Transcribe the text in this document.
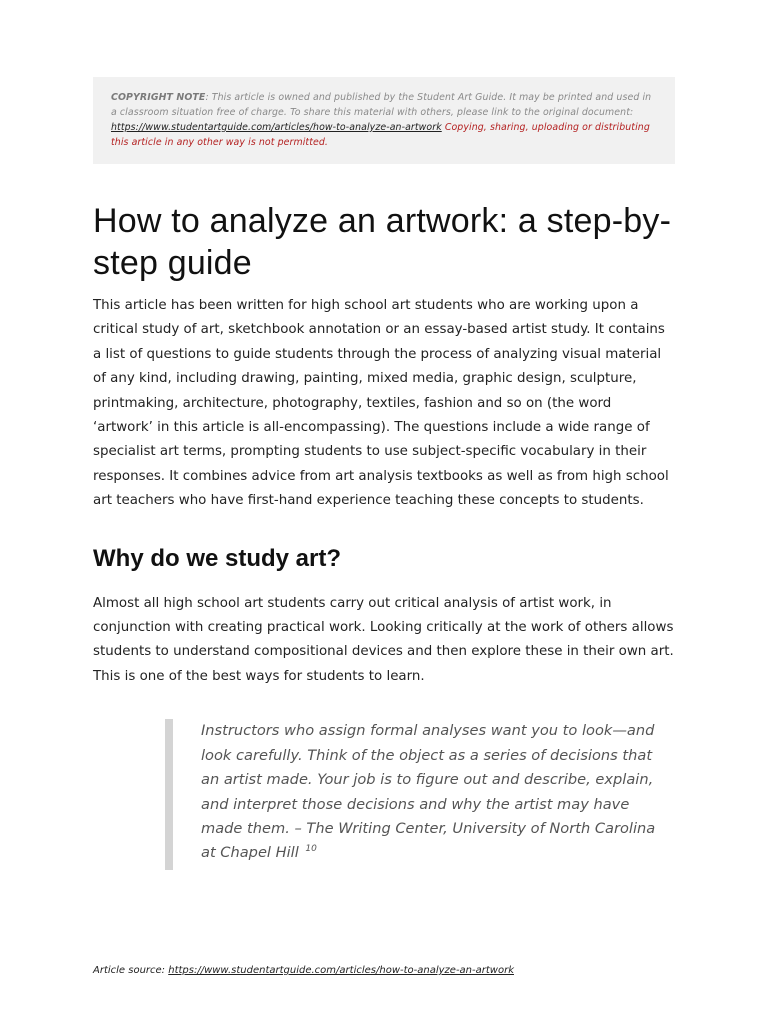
COPYRIGHT NOTE: This article is owned and published by the Student Art Guide. It may be printed and used in a classroom situation free of charge. To share this material with others, please link to the original document: https://www.studentartguide.com/articles/how-to-analyze-an-artwork Copying, sharing, uploading or distributing this article in any other way is not permitted.
How to analyze an artwork: a step-by-step guide

This article has been written for high school art students who are working upon a critical study of art, sketchbook annotation or an essay-based artist study. It contains a list of questions to guide students through the process of analyzing visual material of any kind, including drawing, painting, mixed media, graphic design, sculpture, printmaking, architecture, photography, textiles, fashion and so on (the word ‘artwork’ in this article is all-encompassing). The questions include a wide range of specialist art terms, prompting students to use subject-specific vocabulary in their responses. It combines advice from art analysis textbooks as well as from high school art teachers who have first-hand experience teaching these concepts to students.

Why do we study art?

Almost all high school art students carry out critical analysis of artist work, in conjunction with creating practical work. Looking critically at the work of others allows students to understand compositional devices and then explore these in their own art. This is one of the best ways for students to learn.

Instructors who assign formal analyses want you to look—and look carefully. Think of the object as a series of decisions that an artist made. Your job is to figure out and describe, explain, and interpret those decisions and why the artist may have made them. – The Writing Center, University of North Carolina at Chapel Hill $^{10}$
Article source: https://www.studentartguide.com/articles/how-to-analyze-an-artwork
